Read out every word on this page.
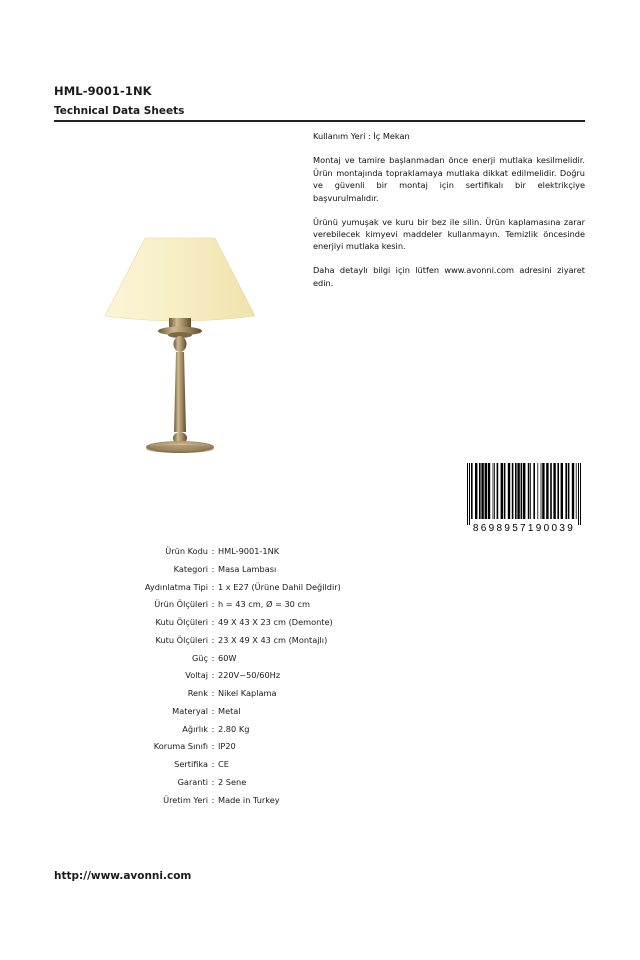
HML-9001-1NK
Technical Data Sheets

Kullanım Yeri : İç Mekan

Montaj ve tamire başlanmadan önce enerji mutlaka kesilmelidir. Ürün montajında topraklamaya mutlaka dikkat edilmelidir. Doğru ve güvenli bir montaj için sertifikalı bir elektrikçiye başvurulmalıdır.

Ürünü yumuşak ve kuru bir bez ile silin. Ürün kaplamasına zarar verebilecek kimyevi maddeler kullanmayın. Temizlik öncesinde enerjiyi mutlaka kesin.

Daha detaylı bilgi için lütfen www.avonni.com adresini ziyaret edin.

8698957190039
Ürün Kodu : HML-9001-1NK
Kategori : Masa Lambası
Aydınlatma Tipi : 1 x E27 (Ürüne Dahil Değildir)
Ürün Ölçüleri : h = 43 cm, Ø = 30 cm
Kutu Ölçüleri : 49 X 43 X 23 cm (Demonte)
Kutu Ölçüleri : 23 X 49 X 43 cm (Montajlı)
Güç : 60W
Voltaj : 220V~50/60Hz
Renk : Nikel Kaplama
Materyal : Metal
Ağırlık : 2.80 Kg
Koruma Sınıfı : IP20
Sertifika : CE
Garanti : 2 Sene
Üretim Yeri : Made in Turkey
http://www.avonni.com
